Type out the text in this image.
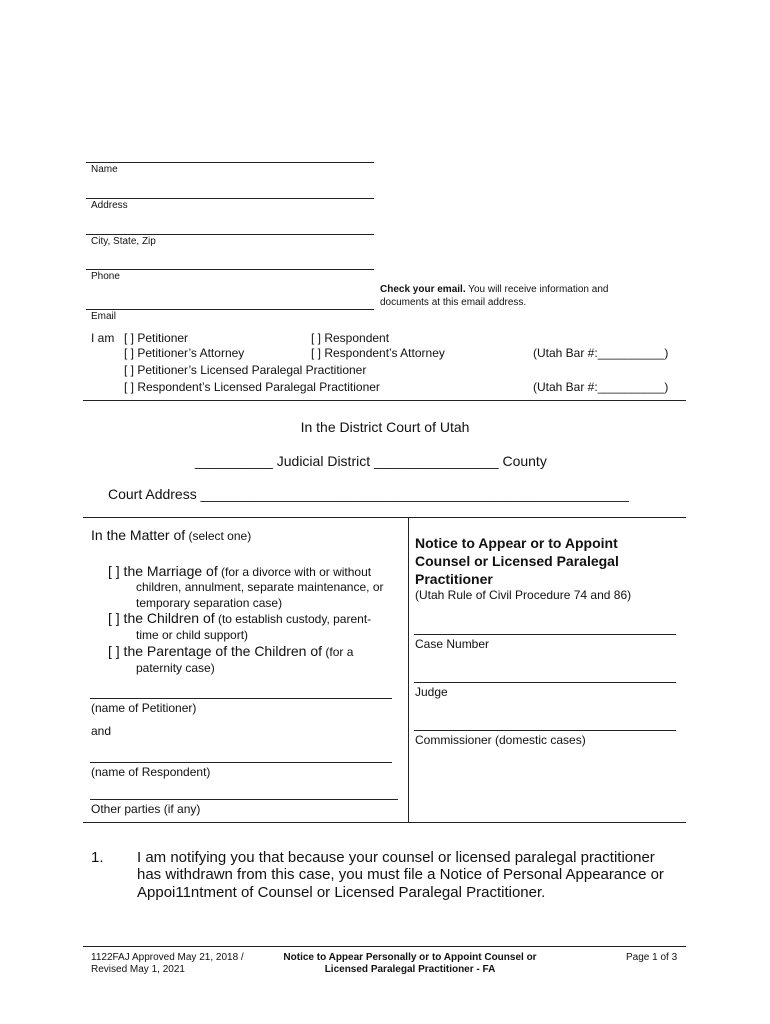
Name
Address
City, State, Zip
Phone
Email
Check your email. You will receive information and
documents at this email address.
I am [ ] Petitioner	[ ] Respondent
[ ] Petitioner’s Attorney	[ ] Respondent’s Attorney	(Utah Bar #:__________)
[ ] Petitioner’s Licensed Paralegal Practitioner
[ ] Respondent’s Licensed Paralegal Practitioner	(Utah Bar #:__________)
In the District Court of Utah
__________ Judicial District ________________ County
Court Address _______________________________________________________
In the Matter of (select one)
[ ] the Marriage of (for a divorce with or without
children, annulment, separate maintenance, or
temporary separation case)
[ ] the Children of (to establish custody, parent-
time or child support)
[ ] the Parentage of the Children of (for a
paternity case)
(name of Petitioner)
and
(name of Respondent)
Other parties (if any)
Notice to Appear or to Appoint
Counsel or Licensed Paralegal
Practitioner
(Utah Rule of Civil Procedure 74 and 86)
Case Number
Judge
Commissioner (domestic cases)
1. I am notifying you that because your counsel or licensed paralegal practitioner
has withdrawn from this case, you must file a Notice of Personal Appearance or
Appoi11ntment of Counsel or Licensed Paralegal Practitioner.
1122FAJ Approved May 21, 2018 /
Revised May 1, 2021
Notice to Appear Personally or to Appoint Counsel or
Licensed Paralegal Practitioner - FA
Page 1 of 3
